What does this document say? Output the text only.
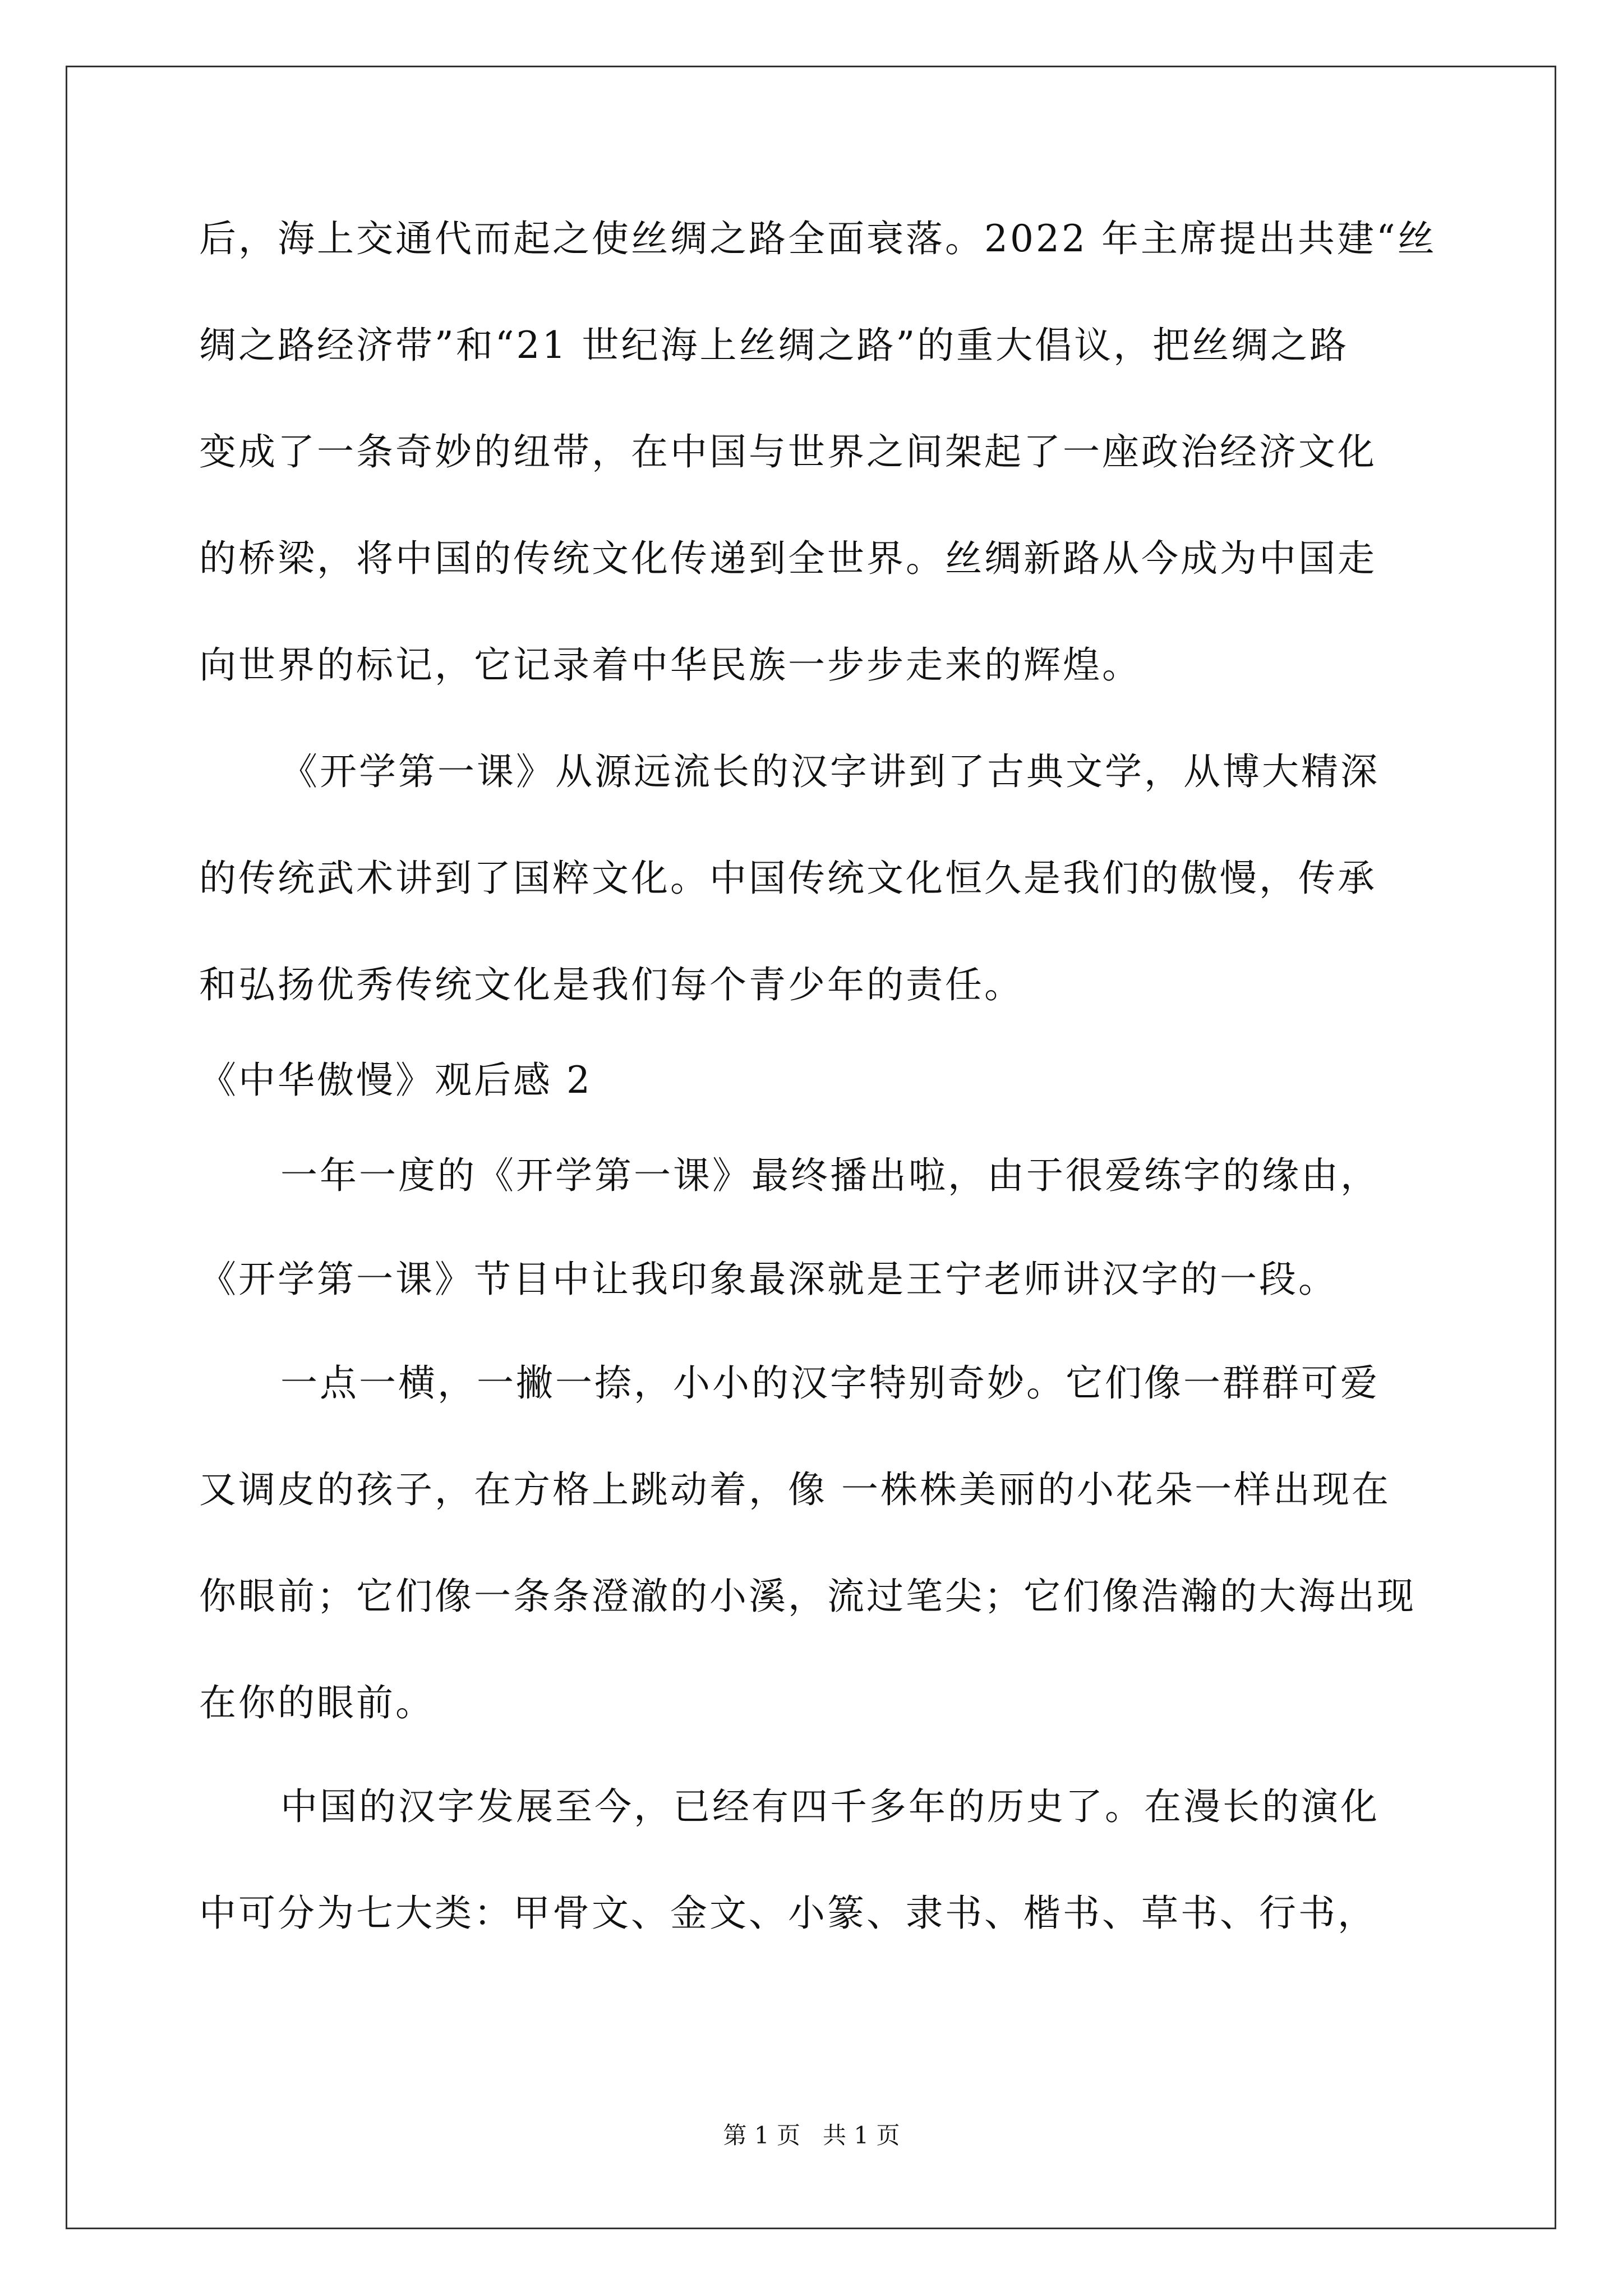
后，海上交通代而起之使丝绸之路全面衰落。2022 年主席提出共建“丝

绸之路经济带”和“21 世纪海上丝绸之路”的重大倡议，把丝绸之路

变成了一条奇妙的纽带，在中国与世界之间架起了一座政治经济文化

的桥梁，将中国的传统文化传递到全世界。丝绸新路从今成为中国走

向世界的标记，它记录着中华民族一步步走来的辉煌。

《开学第一课》从源远流长的汉字讲到了古典文学，从博大精深

的传统武术讲到了国粹文化。中国传统文化恒久是我们的傲慢，传承

和弘扬优秀传统文化是我们每个青少年的责任。

《中华傲慢》观后感 2

一年一度的《开学第一课》最终播出啦，由于很爱练字的缘由，

《开学第一课》节目中让我印象最深就是王宁老师讲汉字的一段。

一点一横，一撇一捺，小小的汉字特别奇妙。它们像一群群可爱

又调皮的孩子，在方格上跳动着，像 一株株美丽的小花朵一样出现在

你眼前；它们像一条条澄澈的小溪，流过笔尖；它们像浩瀚的大海出现

在你的眼前。

中国的汉字发展至今，已经有四千多年的历史了。在漫长的演化

中可分为七大类：甲骨文、金文、小篆、隶书、楷书、草书、行书，

第 1 页   共 1 页
